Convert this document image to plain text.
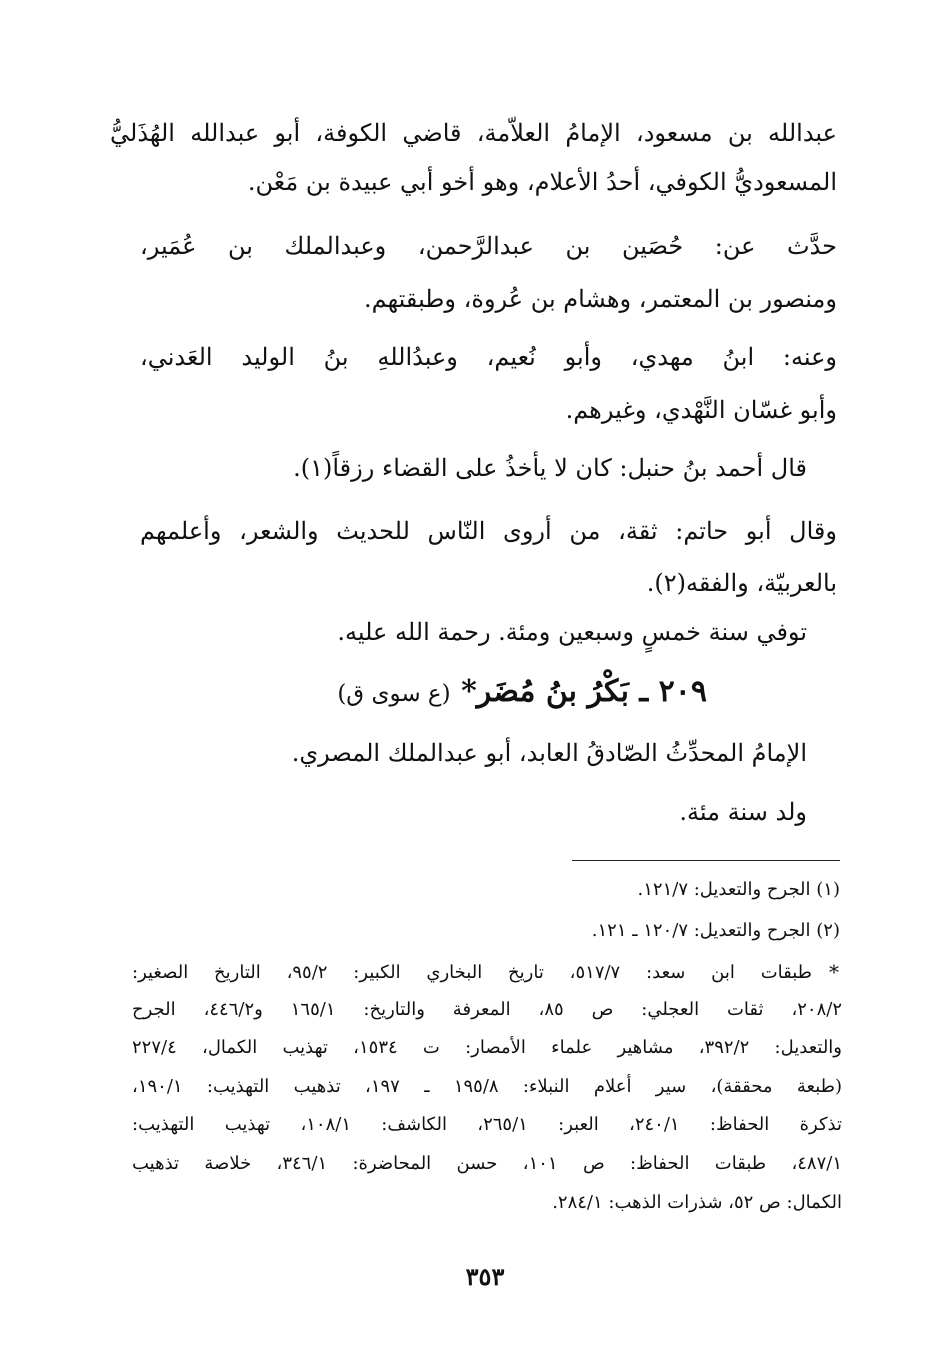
عبدالله بن مسعود، الإمامُ العلاّمة، قاضي الكوفة، أبو عبدالله الهُذَليُّ
المسعوديُّ الكوفي، أحدُ الأعلام، وهو أخو أبي عبيدة بن مَعْن.
حدَّث عن: حُصَين بن عبدالرَّحمن، وعبدالملك بن عُمَير،
ومنصور بن المعتمر، وهشام بن عُروة، وطبقتهم.
وعنه: ابنُ مهدي، وأبو نُعيم، وعبدُاللهِ بنُ الوليد العَدني،
وأبو غسّان النَّهْدي، وغيرهم.
قال أحمد بنُ حنبل: كان لا يأخذُ على القضاء رزقاً(١).
وقال أبو حاتم: ثقة، من أروى النّاس للحديث والشعر، وأعلمهم
بالعربيّة، والفقه(٢).
توفي سنة خمسٍ وسبعين ومئة. رحمة الله عليه.
٢٠٩ ـ بَكْرُ بنُ مُضَر* (ع سوى ق)
الإمامُ المحدِّثُ الصّادقُ العابد، أبو عبدالملك المصري.
ولد سنة مئة.
(١) الجرح والتعديل: ١٢١/٧.
(٢) الجرح والتعديل: ١٢٠/٧ ـ ١٢١.
*
طبقات ابن سعد: ٥١٧/٧، تاريخ البخاري الكبير: ٩٥/٢، التاريخ الصغير:
٢٠٨/٢، ثقات العجلي: ص ٨٥، المعرفة والتاريخ: ١٦٥/١ و٤٤٦/٢، الجرح
والتعديل: ٣٩٢/٢، مشاهير علماء الأمصار: ت ١٥٣٤، تهذيب الكمال، ٢٢٧/٤
(طبعة محققة)، سير أعلام النبلاء: ١٩٥/٨ ـ ١٩٧، تذهيب التهذيب: ١٩٠/١،
تذكرة الحفاظ: ٢٤٠/١، العبر: ٢٦٥/١، الكاشف: ١٠٨/١، تهذيب التهذيب:
٤٨٧/١، طبقات الحفاظ: ص ١٠١، حسن المحاضرة: ٣٤٦/١، خلاصة تذهيب
الكمال: ص ٥٢، شذرات الذهب: ٢٨٤/١.
٣٥٣
